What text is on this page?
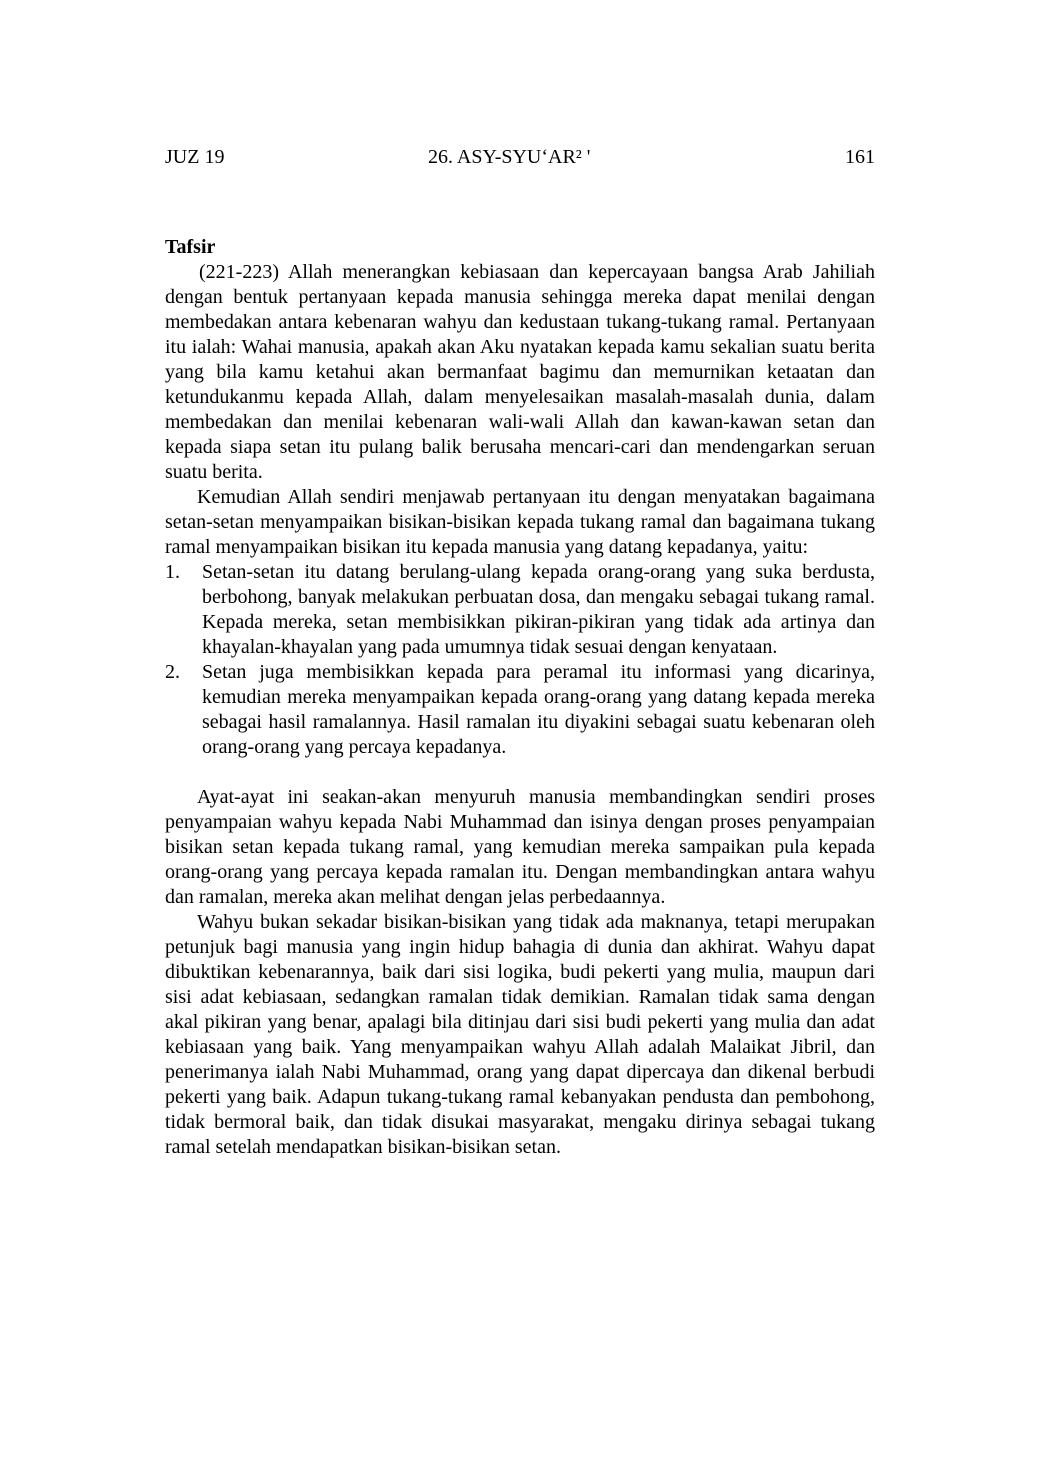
JUZ 19	26. ASY-SYU‘AR² '	161
Tafsir

(221-223) Allah menerangkan kebiasaan dan kepercayaan bangsa Arab Jahiliah dengan bentuk pertanyaan kepada manusia sehingga mereka dapat menilai dengan membedakan antara kebenaran wahyu dan kedustaan tukang-tukang ramal. Pertanyaan itu ialah: Wahai manusia, apakah akan Aku nyatakan kepada kamu sekalian suatu berita yang bila kamu ketahui akan bermanfaat bagimu dan memurnikan ketaatan dan ketundukanmu kepada Allah, dalam menyelesaikan masalah-masalah dunia, dalam membedakan dan menilai kebenaran wali-wali Allah dan kawan-kawan setan dan kepada siapa setan itu pulang balik berusaha mencari-cari dan mendengarkan seruan suatu berita.

Kemudian Allah sendiri menjawab pertanyaan itu dengan menyatakan bagaimana setan-setan menyampaikan bisikan-bisikan kepada tukang ramal dan bagaimana tukang ramal menyampaikan bisikan itu kepada manusia yang datang kepadanya, yaitu:

1. Setan-setan itu datang berulang-ulang kepada orang-orang yang suka berdusta, berbohong, banyak melakukan perbuatan dosa, dan mengaku sebagai tukang ramal. Kepada mereka, setan membisikkan pikiran-pikiran yang tidak ada artinya dan khayalan-khayalan yang pada umumnya tidak sesuai dengan kenyataan.
2. Setan juga membisikkan kepada para peramal itu informasi yang dicarinya, kemudian mereka menyampaikan kepada orang-orang yang datang kepada mereka sebagai hasil ramalannya. Hasil ramalan itu diyakini sebagai suatu kebenaran oleh orang-orang yang percaya kepadanya.

Ayat-ayat ini seakan-akan menyuruh manusia membandingkan sendiri proses penyampaian wahyu kepada Nabi Muhammad dan isinya dengan proses penyampaian bisikan setan kepada tukang ramal, yang kemudian mereka sampaikan pula kepada orang-orang yang percaya kepada ramalan itu. Dengan membandingkan antara wahyu dan ramalan, mereka akan melihat dengan jelas perbedaannya.

Wahyu bukan sekadar bisikan-bisikan yang tidak ada maknanya, tetapi merupakan petunjuk bagi manusia yang ingin hidup bahagia di dunia dan akhirat. Wahyu dapat dibuktikan kebenarannya, baik dari sisi logika, budi pekerti yang mulia, maupun dari sisi adat kebiasaan, sedangkan ramalan tidak demikian. Ramalan tidak sama dengan akal pikiran yang benar, apalagi bila ditinjau dari sisi budi pekerti yang mulia dan adat kebiasaan yang baik. Yang menyampaikan wahyu Allah adalah Malaikat Jibril, dan penerimanya ialah Nabi Muhammad, orang yang dapat dipercaya dan dikenal berbudi pekerti yang baik. Adapun tukang-tukang ramal kebanyakan pendusta dan pembohong, tidak bermoral baik, dan tidak disukai masyarakat, mengaku dirinya sebagai tukang ramal setelah mendapatkan bisikan-bisikan setan.
